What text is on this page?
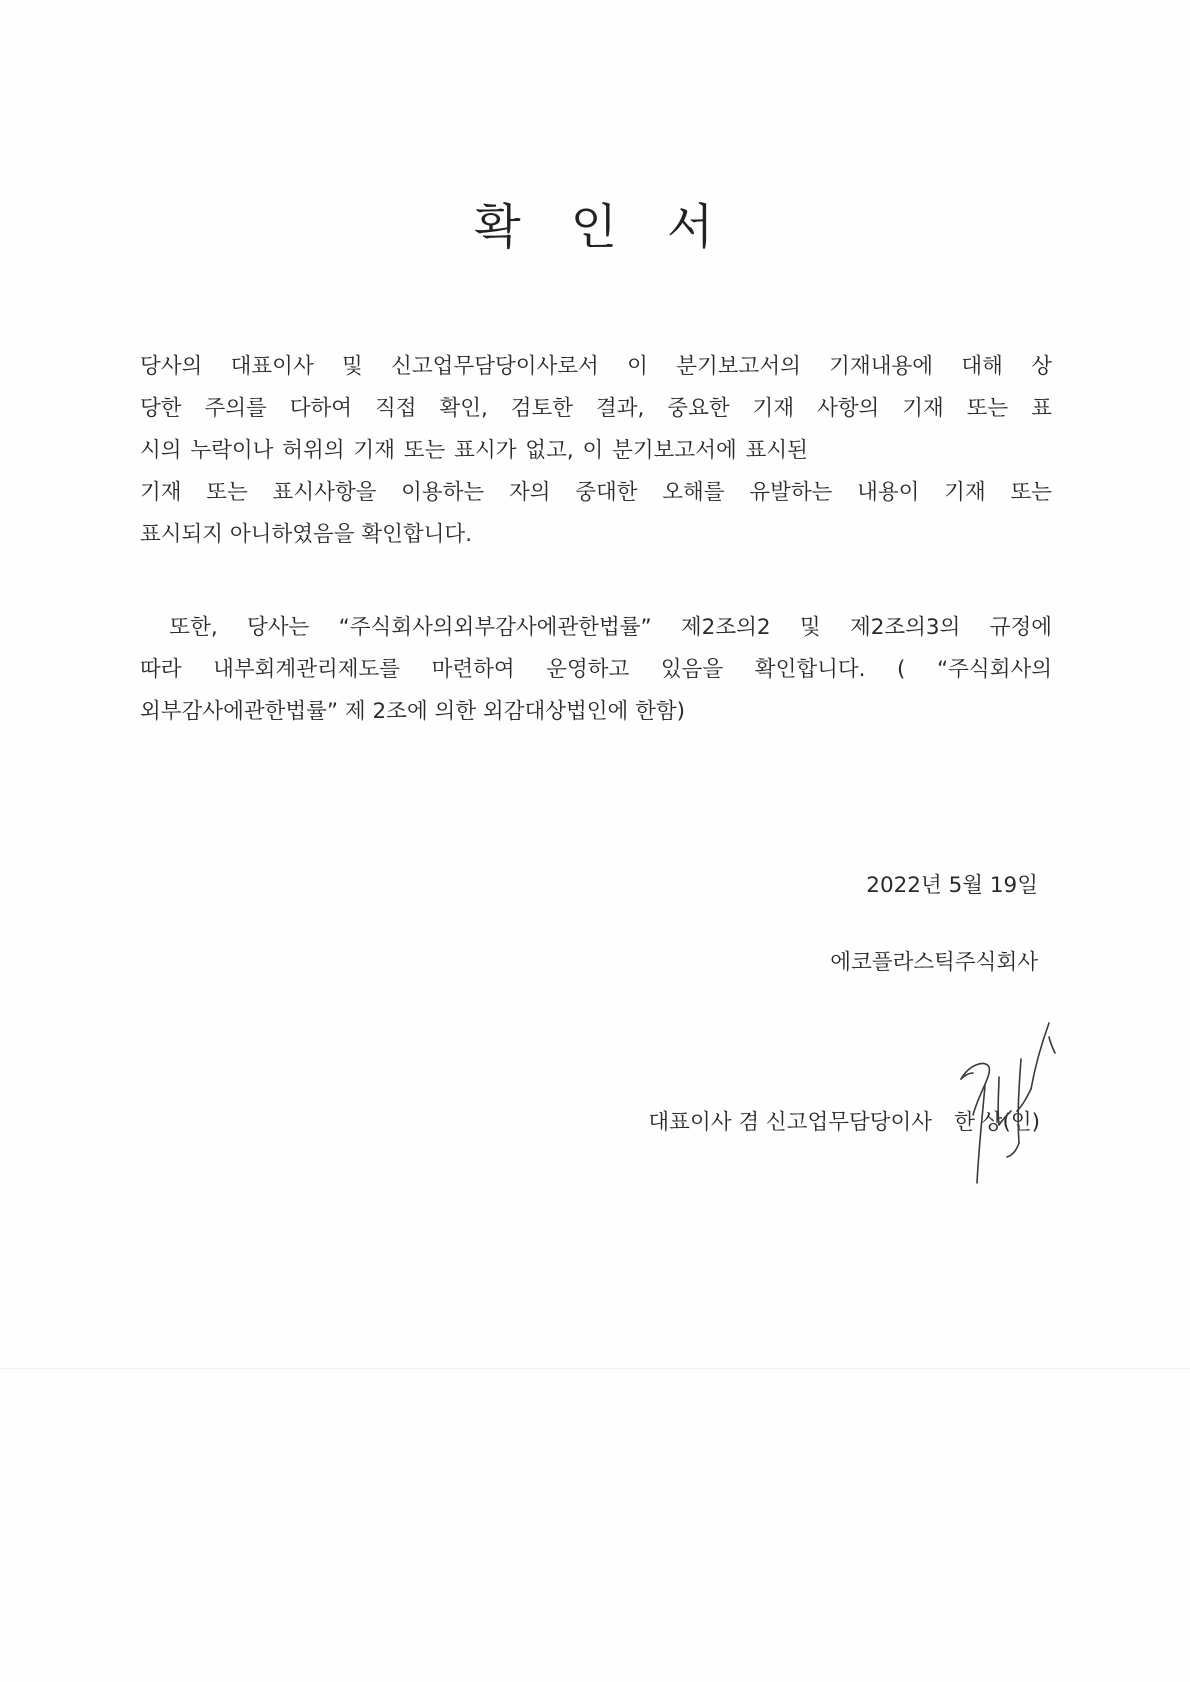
확 인 서
당사의 대표이사 및 신고업무담당이사로서 이 분기보고서의 기재내용에 대해 상
당한 주의를 다하여 직접 확인, 검토한 결과, 중요한 기재 사항의 기재 또는 표
시의 누락이나 허위의 기재 또는 표시가 없고, 이 분기보고서에 표시된
기재 또는 표시사항을 이용하는 자의 중대한 오해를 유발하는 내용이 기재 또는
표시되지 아니하였음을 확인합니다.
또한, 당사는 “주식회사의외부감사에관한법률” 제2조의2 및 제2조의3의 규정에
따라 내부회계관리제도를 마련하여 운영하고 있음을 확인합니다. ( “주식회사의
외부감사에관한법률” 제 2조에 의한 외감대상법인에 한함)
2022년 5월 19일
에코플라스틱주식회사
대표이사 겸 신고업무담당이사 한 상(인)
